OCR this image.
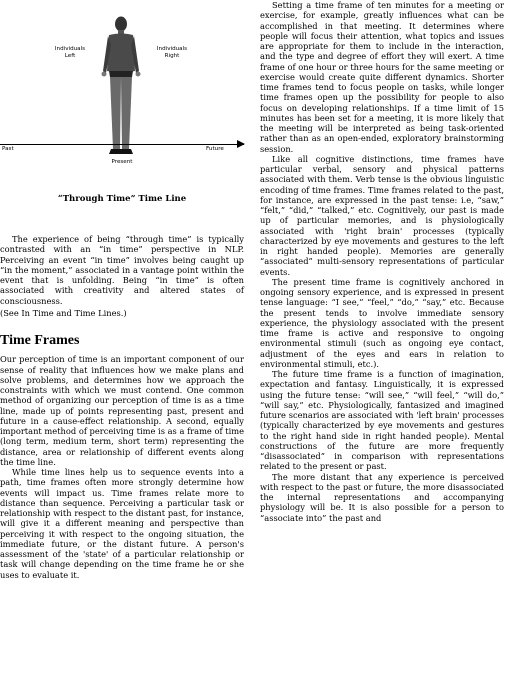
Individuals
Left
Individuals
Right
Past	Future
Present
“Through Time” Time Line

The experience of being “through time” is typically contrasted with an “in time” perspective in NLP. Perceiving an event “in time” involves being caught up “in the moment,” associated in a vantage point within the event that is unfolding. Being “in time” is often associated with creativity and altered states of consciousness.

(See In Time and Time Lines.)

Time Frames

Our perception of time is an important component of our sense of reality that influences how we make plans and solve problems, and determines how we approach the constraints with which we must contend. One common method of organizing our perception of time is as a time line, made up of points representing past, present and future in a cause-effect relationship. A second, equally important method of perceiving time is as a frame of time (long term, medium term, short term) representing the distance, area or relationship of different events along the time line.

While time lines help us to sequence events into a path, time frames often more strongly determine how events will impact us. Time frames relate more to distance than sequence. Perceiving a particular task or relationship with respect to the distant past, for instance, will give it a different meaning and perspective than perceiving it with respect to the ongoing situation, the immediate future, or the distant future. A person's assessment of the 'state' of a particular relationship or task will change depending on the time frame he or she uses to evaluate it.

Setting a time frame of ten minutes for a meeting or exercise, for example, greatly influences what can be accomplished in that meeting. It determines where people will focus their attention, what topics and issues are appropriate for them to include in the interaction, and the type and degree of effort they will exert. A time frame of one hour or three hours for the same meeting or exercise would create quite different dynamics. Shorter time frames tend to focus people on tasks, while longer time frames open up the possibility for people to also focus on developing relationships. If a time limit of 15 minutes has been set for a meeting, it is more likely that the meeting will be interpreted as being task-oriented rather than as an open-ended, exploratory brainstorming session.

Like all cognitive distinctions, time frames have particular verbal, sensory and physical patterns associated with them. Verb tense is the obvious linguistic encoding of time frames. Time frames related to the past, for instance, are expressed in the past tense: i.e, “saw,” “felt,” “did,” “talked,” etc. Cognitively, our past is made up of particular memories, and is physiologically associated with 'right brain' processes (typically characterized by eye movements and gestures to the left in right handed people). Memories are generally “associated” multi-sensory representations of particular events.

The present time frame is cognitively anchored in ongoing sensory experience, and is expressed in present tense language: “I see,” “feel,” “do,” “say,” etc. Because the present tends to involve immediate sensory experience, the physiology associated with the present time frame is active and responsive to ongoing environmental stimuli (such as ongoing eye contact, adjustment of the eyes and ears in relation to environmental stimuli, etc.).

The future time frame is a function of imagination, expectation and fantasy. Linguistically, it is expressed using the future tense: “will see,” “will feel,” “will do,” “will say,” etc. Physiologically, fantasized and imagined future scenarios are associated with 'left brain' processes (typically characterized by eye movements and gestures to the right hand side in right handed people). Mental constructions of the future are more frequently “disassociated” in comparison with representations related to the present or past.

The more distant that any experience is perceived with respect to the past or future, the more disassociated the internal representations and accompanying physiology will be. It is also possible for a person to “associate into” the past and
